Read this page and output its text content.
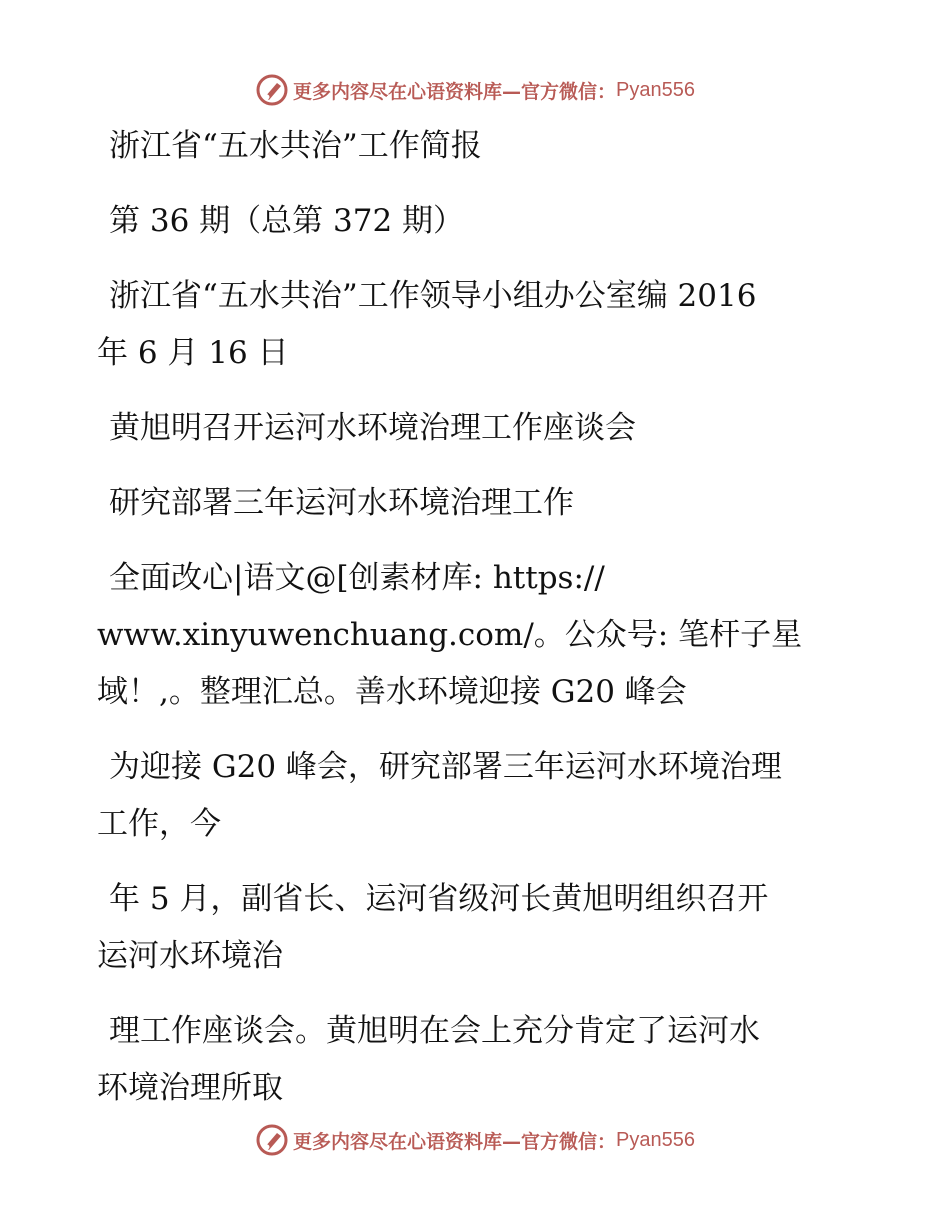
更多内容尽在心语资料库—官方微信： Pyan556
浙江省“五水共治”工作简报
第 36 期（总第 372 期）
浙江省“五水共治”工作领导小组办公室编 2016
年 6 月 16 日
黄旭明召开运河水环境治理工作座谈会
研究部署三年运河水环境治理工作
全面改心|语文@[创素材库: https://
www.xinyuwenchuang.com/。公众号: 笔杆子星
域！,。整理汇总。善水环境迎接 G20 峰会
为迎接 G20 峰会，研究部署三年运河水环境治理
工作，今
年 5 月，副省长、运河省级河长黄旭明组织召开
运河水环境治
理工作座谈会。黄旭明在会上充分肯定了运河水
环境治理所取
更多内容尽在心语资料库—官方微信： Pyan556
